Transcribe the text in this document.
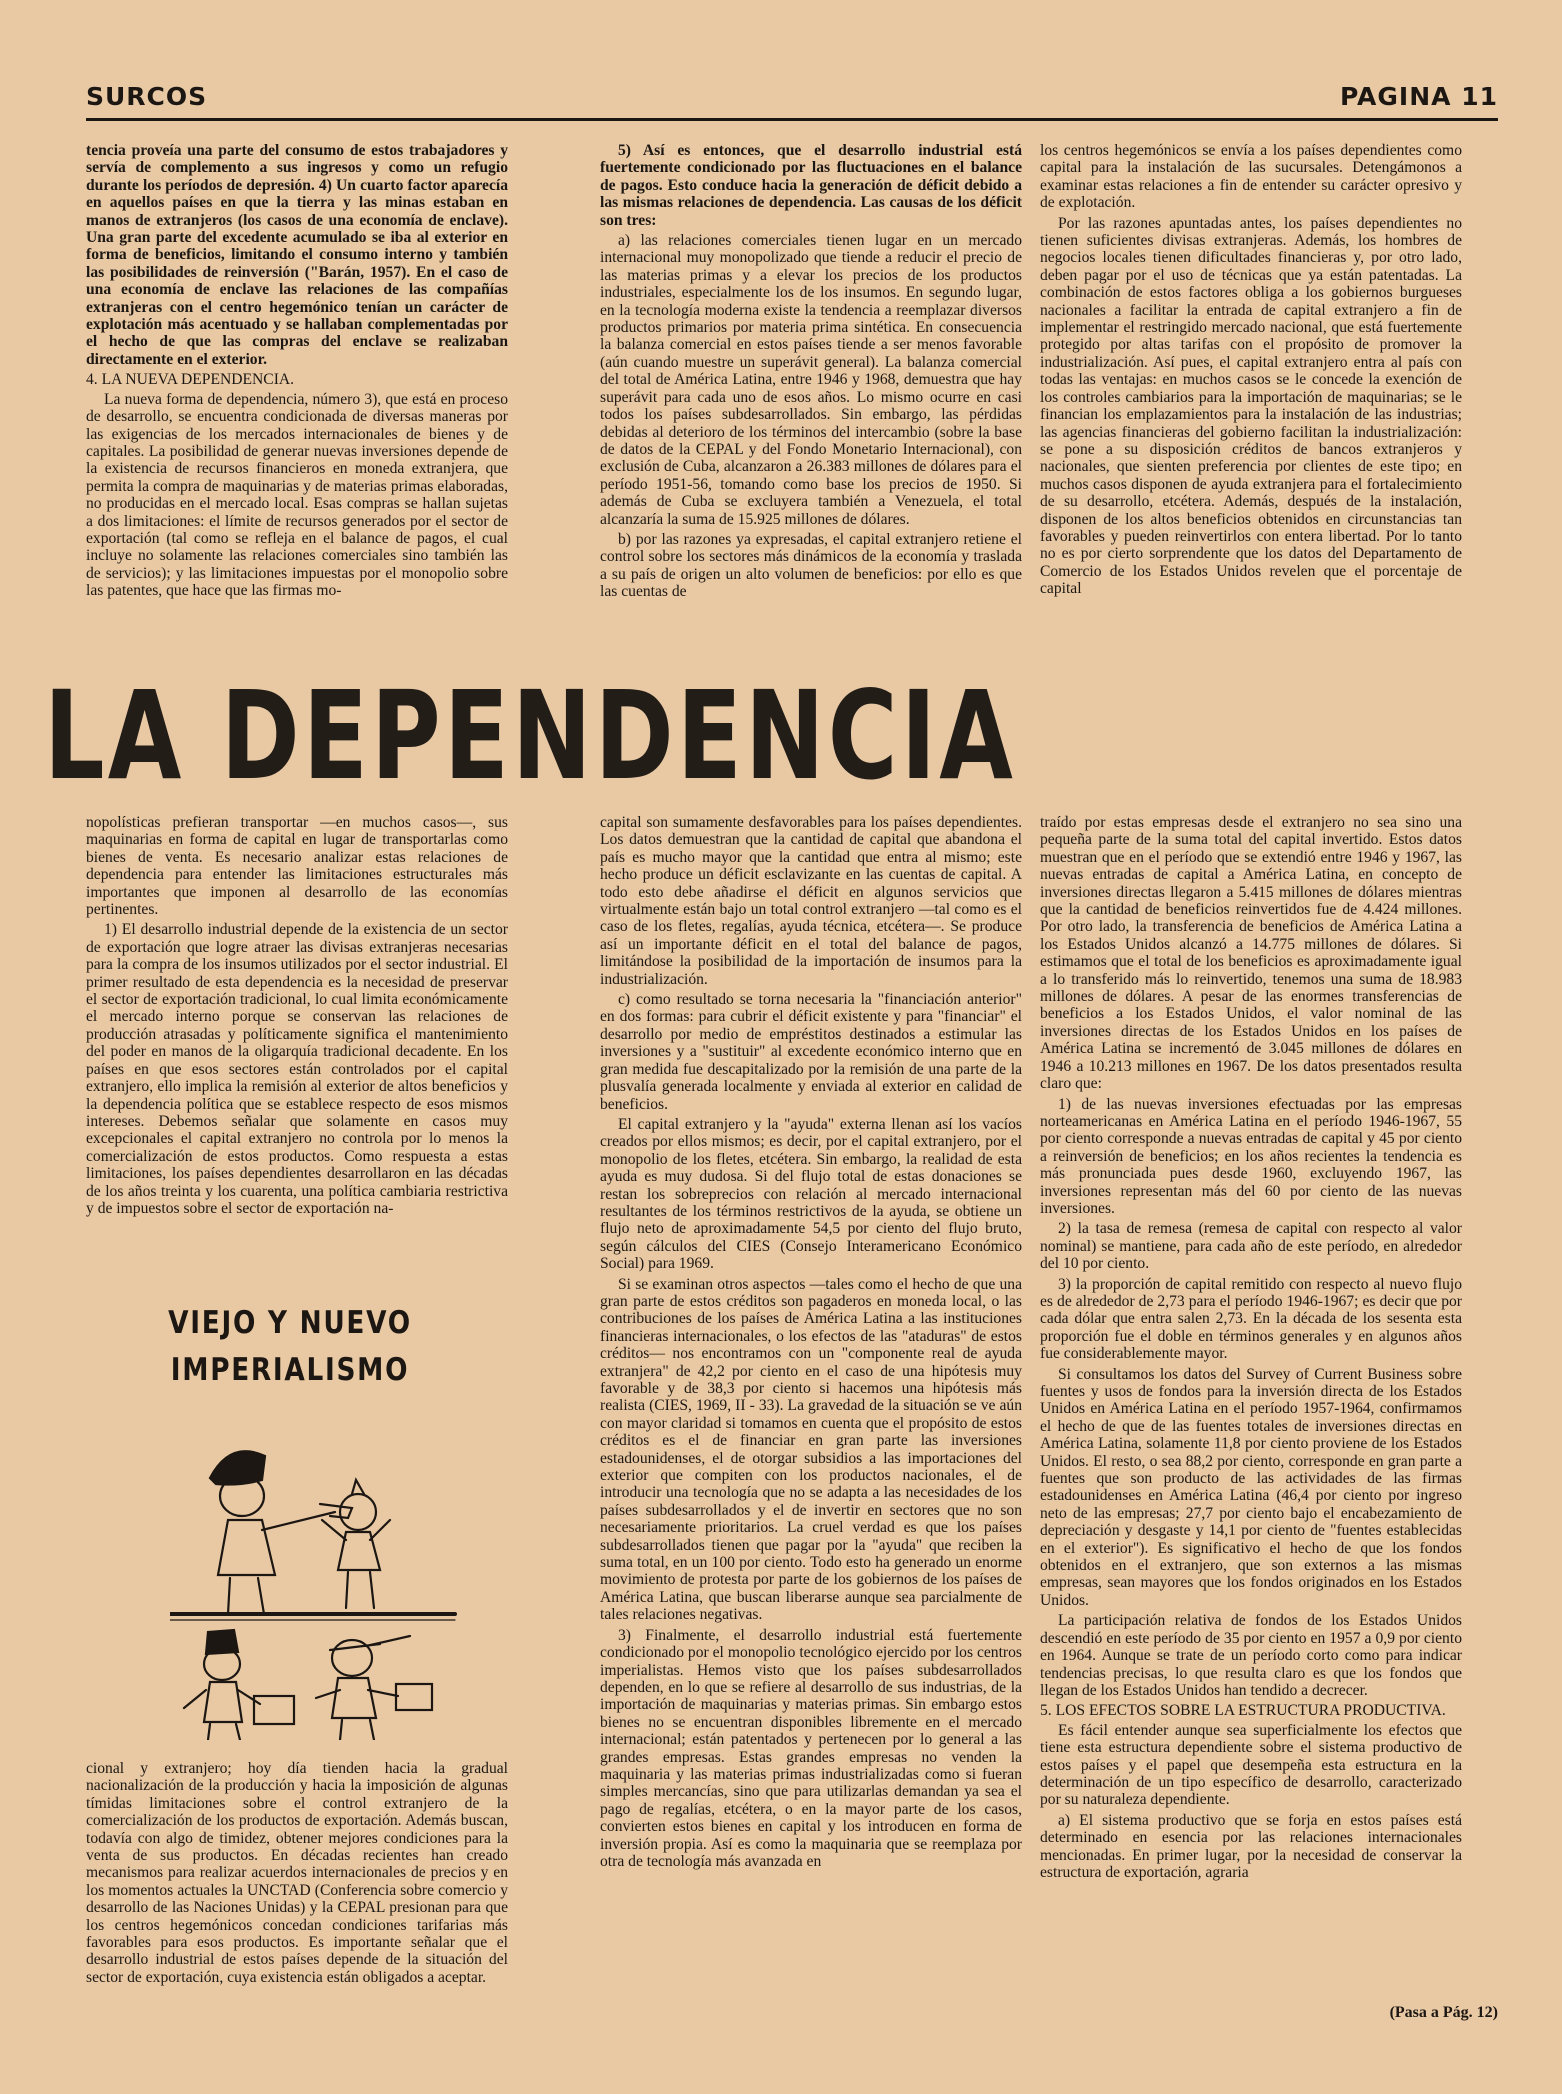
SURCOS	PAGINA 11

tencia proveía una parte del consumo de estos trabajadores y servía de complemento a sus ingresos y como un refugio durante los períodos de depresión. 4) Un cuarto factor aparecía en aquellos países en que la tierra y las minas estaban en manos de extranjeros (los casos de una economía de enclave). Una gran parte del excedente acumulado se iba al exterior en forma de beneficios, limitando el consumo interno y también las posibilidades de reinversión ("Barán, 1957). En el caso de una economía de enclave las relaciones de las compañías extranjeras con el centro hegemónico tenían un carácter de explotación más acentuado y se hallaban complementadas por el hecho de que las compras del enclave se realizaban directamente en el exterior.

4. LA NUEVA DEPENDENCIA.

La nueva forma de dependencia, número 3), que está en proceso de desarrollo, se encuentra condicionada de diversas maneras por las exigencias de los mercados internacionales de bienes y de capitales. La posibilidad de generar nuevas inversiones depende de la existencia de recursos financieros en moneda extranjera, que permita la compra de maquinarias y de materias primas elaboradas, no producidas en el mercado local. Esas compras se hallan sujetas a dos limitaciones: el límite de recursos generados por el sector de exportación (tal como se refleja en el balance de pagos, el cual incluye no solamente las relaciones comerciales sino también las de servicios); y las limitaciones impuestas por el monopolio sobre las patentes, que hace que las firmas mo-

5) Así es entonces, que el desarrollo industrial está fuertemente condicionado por las fluctuaciones en el balance de pagos. Esto conduce hacia la generación de déficit debido a las mismas relaciones de dependencia. Las causas de los déficit son tres:

a) las relaciones comerciales tienen lugar en un mercado internacional muy monopolizado que tiende a reducir el precio de las materias primas y a elevar los precios de los productos industriales, especialmente los de los insumos. En segundo lugar, en la tecnología moderna existe la tendencia a reemplazar diversos productos primarios por materia prima sintética. En consecuencia la balanza comercial en estos países tiende a ser menos favorable (aún cuando muestre un superávit general). La balanza comercial del total de América Latina, entre 1946 y 1968, demuestra que hay superávit para cada uno de esos años. Lo mismo ocurre en casi todos los países subdesarrollados. Sin embargo, las pérdidas debidas al deterioro de los términos del intercambio (sobre la base de datos de la CEPAL y del Fondo Monetario Internacional), con exclusión de Cuba, alcanzaron a 26.383 millones de dólares para el período 1951-56, tomando como base los precios de 1950. Si además de Cuba se excluyera también a Venezuela, el total alcanzaría la suma de 15.925 millones de dólares.

b) por las razones ya expresadas, el capital extranjero retiene el control sobre los sectores más dinámicos de la economía y traslada a su país de origen un alto volumen de beneficios: por ello es que las cuentas de

los centros hegemónicos se envía a los países dependientes como capital para la instalación de las sucursales. Detengámonos a examinar estas relaciones a fin de entender su carácter opresivo y de explotación.

Por las razones apuntadas antes, los países dependientes no tienen suficientes divisas extranjeras. Además, los hombres de negocios locales tienen dificultades financieras y, por otro lado, deben pagar por el uso de técnicas que ya están patentadas. La combinación de estos factores obliga a los gobiernos burgueses nacionales a facilitar la entrada de capital extranjero a fin de implementar el restringido mercado nacional, que está fuertemente protegido por altas tarifas con el propósito de promover la industrialización. Así pues, el capital extranjero entra al país con todas las ventajas: en muchos casos se le concede la exención de los controles cambiarios para la importación de maquinarias; se le financian los emplazamientos para la instalación de las industrias; las agencias financieras del gobierno facilitan la industrialización: se pone a su disposición créditos de bancos extranjeros y nacionales, que sienten preferencia por clientes de este tipo; en muchos casos disponen de ayuda extranjera para el fortalecimiento de su desarrollo, etcétera. Además, después de la instalación, disponen de los altos beneficios obtenidos en circunstancias tan favorables y pueden reinvertirlos con entera libertad. Por lo tanto no es por cierto sorprendente que los datos del Departamento de Comercio de los Estados Unidos revelen que el porcentaje de capital

LA DEPENDENCIA

nopolísticas prefieran transportar —en muchos casos—, sus maquinarias en forma de capital en lugar de transportarlas como bienes de venta. Es necesario analizar estas relaciones de dependencia para entender las limitaciones estructurales más importantes que imponen al desarrollo de las economías pertinentes.

1) El desarrollo industrial depende de la existencia de un sector de exportación que logre atraer las divisas extranjeras necesarias para la compra de los insumos utilizados por el sector industrial. El primer resultado de esta dependencia es la necesidad de preservar el sector de exportación tradicional, lo cual limita económicamente el mercado interno porque se conservan las relaciones de producción atrasadas y políticamente significa el mantenimiento del poder en manos de la oligarquía tradicional decadente. En los países en que esos sectores están controlados por el capital extranjero, ello implica la remisión al exterior de altos beneficios y la dependencia política que se establece respecto de esos mismos intereses. Debemos señalar que solamente en casos muy excepcionales el capital extranjero no controla por lo menos la comercialización de estos productos. Como respuesta a estas limitaciones, los países dependientes desarrollaron en las décadas de los años treinta y los cuarenta, una política cambiaria restrictiva y de impuestos sobre el sector de exportación na-

capital son sumamente desfavorables para los países dependientes. Los datos demuestran que la cantidad de capital que abandona el país es mucho mayor que la cantidad que entra al mismo; este hecho produce un déficit esclavizante en las cuentas de capital. A todo esto debe añadirse el déficit en algunos servicios que virtualmente están bajo un total control extranjero —tal como es el caso de los fletes, regalías, ayuda técnica, etcétera—. Se produce así un importante déficit en el total del balance de pagos, limitándose la posibilidad de la importación de insumos para la industrialización.

c) como resultado se torna necesaria la "financiación anterior" en dos formas: para cubrir el déficit existente y para "financiar" el desarrollo por medio de empréstitos destinados a estimular las inversiones y a "sustituir" al excedente económico interno que en gran medida fue descapitalizado por la remisión de una parte de la plusvalía generada localmente y enviada al exterior en calidad de beneficios.

El capital extranjero y la "ayuda" externa llenan así los vacíos creados por ellos mismos; es decir, por el capital extranjero, por el monopolio de los fletes, etcétera. Sin embargo, la realidad de esta ayuda es muy dudosa. Si del flujo total de estas donaciones se restan los sobreprecios con relación al mercado internacional resultantes de los términos restrictivos de la ayuda, se obtiene un flujo neto de aproximadamente 54,5 por ciento del flujo bruto, según cálculos del CIES (Consejo Interamericano Económico Social) para 1969.

Si se examinan otros aspectos —tales como el hecho de que una gran parte de estos créditos son pagaderos en moneda local, o las contribuciones de los países de América Latina a las instituciones financieras internacionales, o los efectos de las "ataduras" de estos créditos— nos encontramos con un "componente real de ayuda extranjera" de 42,2 por ciento en el caso de una hipótesis muy favorable y de 38,3 por ciento si hacemos una hipótesis más realista (CIES, 1969, II - 33). La gravedad de la situación se ve aún con mayor claridad si tomamos en cuenta que el propósito de estos créditos es el de financiar en gran parte las inversiones estadounidenses, el de otorgar subsidios a las importaciones del exterior que compiten con los productos nacionales, el de introducir una tecnología que no se adapta a las necesidades de los países subdesarrollados y el de invertir en sectores que no son necesariamente prioritarios. La cruel verdad es que los países subdesarrollados tienen que pagar por la "ayuda" que reciben la suma total, en un 100 por ciento. Todo esto ha generado un enorme movimiento de protesta por parte de los gobiernos de los países de América Latina, que buscan liberarse aunque sea parcialmente de tales relaciones negativas.

3) Finalmente, el desarrollo industrial está fuertemente condicionado por el monopolio tecnológico ejercido por los centros imperialistas. Hemos visto que los países subdesarrollados dependen, en lo que se refiere al desarrollo de sus industrias, de la importación de maquinarias y materias primas. Sin embargo estos bienes no se encuentran disponibles libremente en el mercado internacional; están patentados y pertenecen por lo general a las grandes empresas. Estas grandes empresas no venden la maquinaria y las materias primas industrializadas como si fueran simples mercancías, sino que para utilizarlas demandan ya sea el pago de regalías, etcétera, o en la mayor parte de los casos, convierten estos bienes en capital y los introducen en forma de inversión propia. Así es como la maquinaria que se reemplaza por otra de tecnología más avanzada en

traído por estas empresas desde el extranjero no sea sino una pequeña parte de la suma total del capital invertido. Estos datos muestran que en el período que se extendió entre 1946 y 1967, las nuevas entradas de capital a América Latina, en concepto de inversiones directas llegaron a 5.415 millones de dólares mientras que la cantidad de beneficios reinvertidos fue de 4.424 millones. Por otro lado, la transferencia de beneficios de América Latina a los Estados Unidos alcanzó a 14.775 millones de dólares. Si estimamos que el total de los beneficios es aproximadamente igual a lo transferido más lo reinvertido, tenemos una suma de 18.983 millones de dólares. A pesar de las enormes transferencias de beneficios a los Estados Unidos, el valor nominal de las inversiones directas de los Estados Unidos en los países de América Latina se incrementó de 3.045 millones de dólares en 1946 a 10.213 millones en 1967. De los datos presentados resulta claro que:

1) de las nuevas inversiones efectuadas por las empresas norteamericanas en América Latina en el período 1946-1967, 55 por ciento corresponde a nuevas entradas de capital y 45 por ciento a reinversión de beneficios; en los años recientes la tendencia es más pronunciada pues desde 1960, excluyendo 1967, las inversiones representan más del 60 por ciento de las nuevas inversiones.

2) la tasa de remesa (remesa de capital con respecto al valor nominal) se mantiene, para cada año de este período, en alrededor del 10 por ciento.

3) la proporción de capital remitido con respecto al nuevo flujo es de alrededor de 2,73 para el período 1946-1967; es decir que por cada dólar que entra salen 2,73. En la década de los sesenta esta proporción fue el doble en términos generales y en algunos años fue considerablemente mayor.

Si consultamos los datos del Survey of Current Business sobre fuentes y usos de fondos para la inversión directa de los Estados Unidos en América Latina en el período 1957-1964, confirmamos el hecho de que de las fuentes totales de inversiones directas en América Latina, solamente 11,8 por ciento proviene de los Estados Unidos. El resto, o sea 88,2 por ciento, corresponde en gran parte a fuentes que son producto de las actividades de las firmas estadounidenses en América Latina (46,4 por ciento por ingreso neto de las empresas; 27,7 por ciento bajo el encabezamiento de depreciación y desgaste y 14,1 por ciento de "fuentes establecidas en el exterior"). Es significativo el hecho de que los fondos obtenidos en el extranjero, que son externos a las mismas empresas, sean mayores que los fondos originados en los Estados Unidos.

La participación relativa de fondos de los Estados Unidos descendió en este período de 35 por ciento en 1957 a 0,9 por ciento en 1964. Aunque se trate de un período corto como para indicar tendencias precisas, lo que resulta claro es que los fondos que llegan de los Estados Unidos han tendido a decrecer.

5. LOS EFECTOS SOBRE LA ESTRUCTURA PRODUCTIVA.

Es fácil entender aunque sea superficialmente los efectos que tiene esta estructura dependiente sobre el sistema productivo de estos países y el papel que desempeña esta estructura en la determinación de un tipo específico de desarrollo, caracterizado por su naturaleza dependiente.

a) El sistema productivo que se forja en estos países está determinado en esencia por las relaciones internacionales mencionadas. En primer lugar, por la necesidad de conservar la estructura de exportación, agraria

VIEJO Y NUEVO
IMPERIALISMO

cional y extranjero; hoy día tienden hacia la gradual nacionalización de la producción y hacia la imposición de algunas tímidas limitaciones sobre el control extranjero de la comercialización de los productos de exportación. Además buscan, todavía con algo de timidez, obtener mejores condiciones para la venta de sus productos. En décadas recientes han creado mecanismos para realizar acuerdos internacionales de precios y en los momentos actuales la UNCTAD (Conferencia sobre comercio y desarrollo de las Naciones Unidas) y la CEPAL presionan para que los centros hegemónicos concedan condiciones tarifarias más favorables para esos productos. Es importante señalar que el desarrollo industrial de estos países depende de la situación del sector de exportación, cuya existencia están obligados a aceptar.

(Pasa a Pág. 12)
